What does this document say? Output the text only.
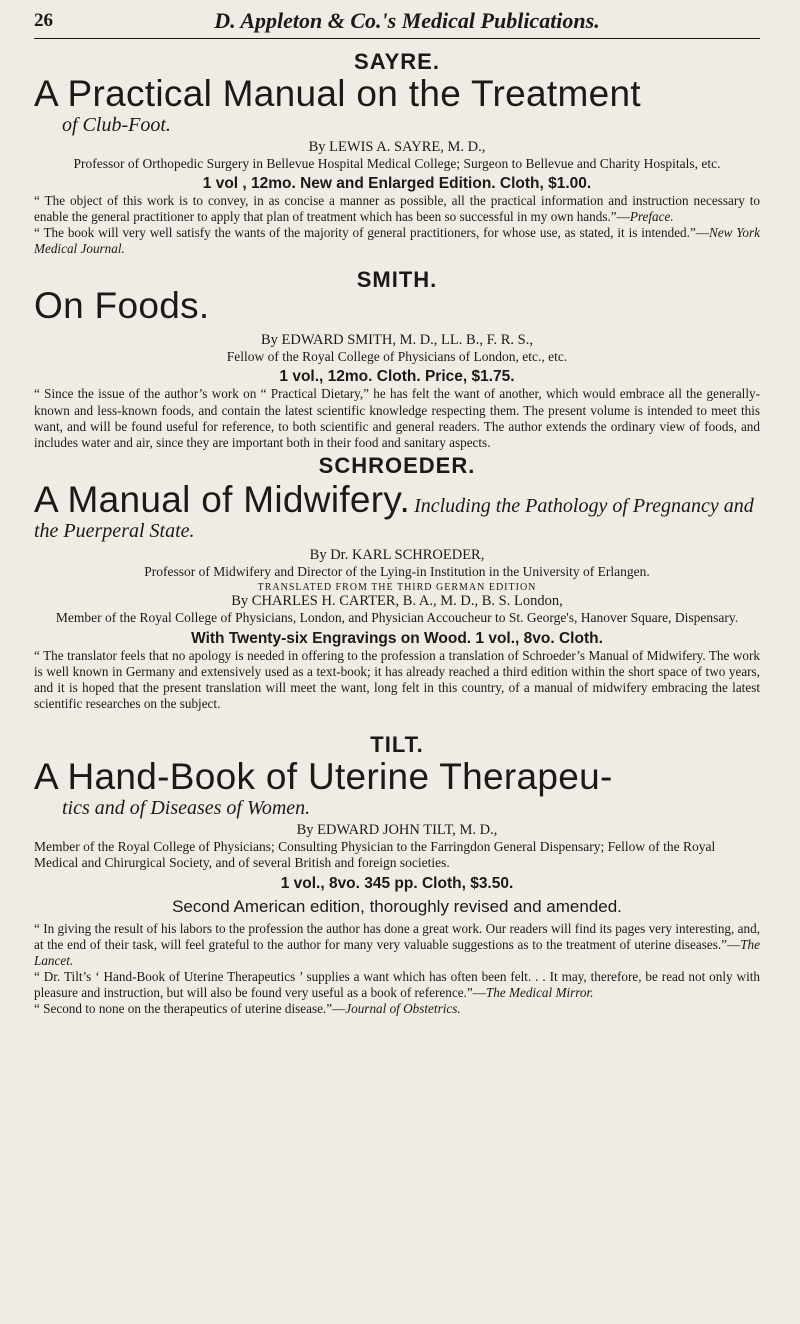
26	D. Appleton & Co.'s Medical Publications.
SAYRE.
A Practical Manual on the Treatment
of Club-Foot.
By LEWIS A. SAYRE, M. D.,
Professor of Orthopedic Surgery in Bellevue Hospital Medical College; Surgeon to Bellevue and Charity Hospitals, etc.
1 vol , 12mo. New and Enlarged Edition. Cloth, $1.00.
“ The object of this work is to convey, in as concise a manner as possible, all the practical information and instruction necessary to enable the general practitioner to apply that plan of treatment which has been so successful in my own hands.”—Preface.
“ The book will very well satisfy the wants of the majority of general practitioners, for whose use, as stated, it is intended.”—New York Medical Journal.
SMITH.
On Foods.
By EDWARD SMITH, M. D., LL. B., F. R. S.,
Fellow of the Royal College of Physicians of London, etc., etc.
1 vol., 12mo. Cloth. Price, $1.75.
“ Since the issue of the author’s work on “ Practical Dietary,” he has felt the want of another, which would embrace all the generally-known and less-known foods, and contain the latest scientific knowledge respecting them. The present volume is intended to meet this want, and will be found useful for reference, to both scientific and general readers. The author extends the ordinary view of foods, and includes water and air, since they are important both in their food and sanitary aspects.
SCHROEDER.
A Manual of Midwifery. Including the Pathology of Pregnancy and the Puerperal State.
By Dr. KARL SCHROEDER,
Professor of Midwifery and Director of the Lying-in Institution in the University of Erlangen.
TRANSLATED FROM THE THIRD GERMAN EDITION
By CHARLES H. CARTER, B. A., M. D., B. S. London,
Member of the Royal College of Physicians, London, and Physician Accoucheur to St. George's, Hanover Square, Dispensary.
With Twenty-six Engravings on Wood. 1 vol., 8vo. Cloth.
“ The translator feels that no apology is needed in offering to the profession a translation of Schroeder’s Manual of Midwifery. The work is well known in Germany and extensively used as a text-book; it has already reached a third edition within the short space of two years, and it is hoped that the present translation will meet the want, long felt in this country, of a manual of midwifery embracing the latest scientific researches on the subject.
TILT.
A Hand-Book of Uterine Therapeu-
tics and of Diseases of Women.
By EDWARD JOHN TILT, M. D.,
Member of the Royal College of Physicians; Consulting Physician to the Farringdon General Dispensary; Fellow of the Royal Medical and Chirurgical Society, and of several British and foreign societies.
1 vol., 8vo. 345 pp. Cloth, $3.50.
Second American edition, thoroughly revised and amended.
“ In giving the result of his labors to the profession the author has done a great work. Our readers will find its pages very interesting, and, at the end of their task, will feel grateful to the author for many very valuable suggestions as to the treatment of uterine diseases.”—The Lancet.
“ Dr. Tilt’s ‘ Hand-Book of Uterine Therapeutics ’ supplies a want which has often been felt. . . It may, therefore, be read not only with pleasure and instruction, but will also be found very useful as a book of reference.”—The Medical Mirror.
“ Second to none on the therapeutics of uterine disease.”—Journal of Obstetrics.
